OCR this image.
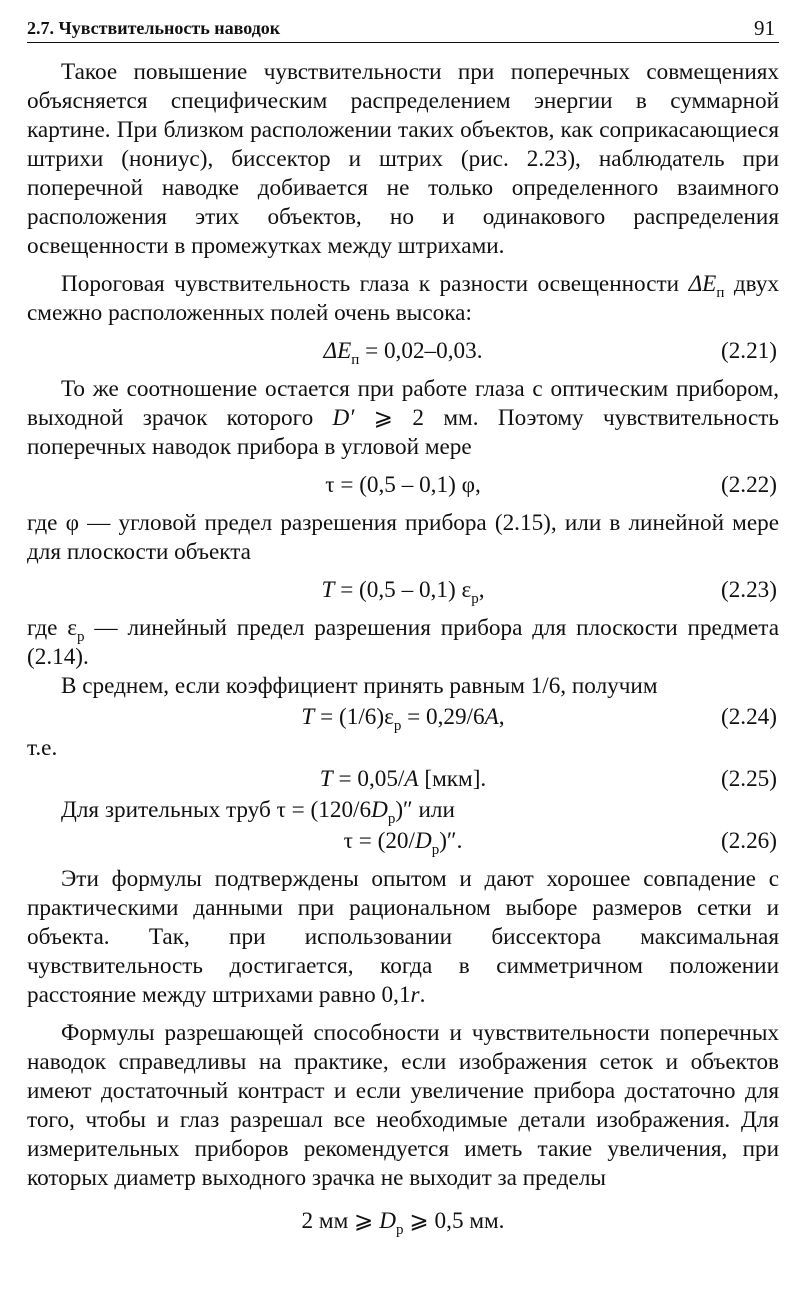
2.7. Чувствительность наводок	91

Такое повышение чувствительности при поперечных совмещениях объясняется специфическим распределением энергии в суммарной картине. При близком расположении таких объектов, как соприкасающиеся штрихи (нониус), биссектор и штрих (рис. 2.23), наблюдатель при поперечной наводке добивается не только определенного взаимного расположения этих объектов, но и одинакового распределения освещенности в промежутках между штрихами.

Пороговая чувствительность глаза к разности освещенности $\Delta E_п$ двух смежно расположенных полей очень высока:

$\Delta E_п = 0,02-0,03$.	(2.21)

То же соотношение остается при работе глаза с оптическим прибором, выходной зрачок которого D′ ⩾ 2 мм. Поэтому чувствительность поперечных наводок прибора в угловой мере

τ = (0,5 – 0,1) φ,	(2.22)

где φ — угловой предел разрешения прибора (2.15), или в линейной мере для плоскости объекта

T = (0,5 – 0,1) $\varepsilon_p$,	(2.23)

где $\varepsilon_p$ — линейный предел разрешения прибора для плоскости предмета (2.14).

В среднем, если коэффициент принять равным 1/6, получим

$T = (1/6)\varepsilon_p = 0,29/6A$,	(2.24)

т.е.

T = 0,05/A [мкм].	(2.25)

Для зрительных труб $\tau = (120/6D_p)''$ или

$\tau = (20/D_p)''$.	(2.26)

Эти формулы подтверждены опытом и дают хорошее совпадение с практическими данными при рациональном выборе размеров сетки и объекта. Так, при использовании биссектора максимальная чувствительность достигается, когда в симметричном положении расстояние между штрихами равно 0,1r.

Формулы разрешающей способности и чувствительности поперечных наводок справедливы на практике, если изображения сеток и объектов имеют достаточный контраст и если увеличение прибора достаточно для того, чтобы и глаз разрешал все необходимые детали изображения. Для измерительных приборов рекомендуется иметь такие увеличения, при которых диаметр выходного зрачка не выходит за пределы

2 мм ⩾ $D_p$ ⩾ 0,5 мм.
